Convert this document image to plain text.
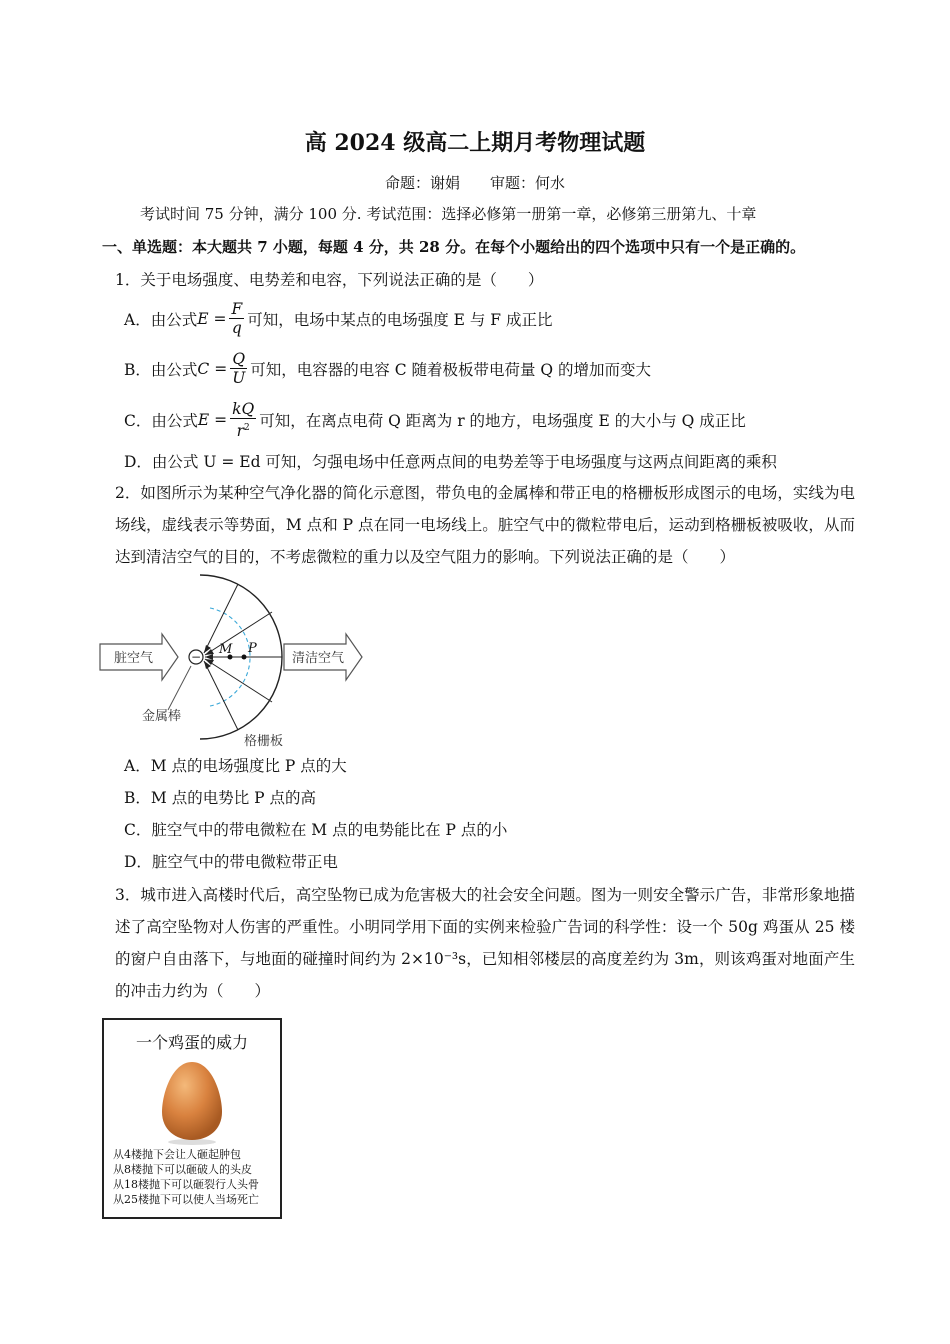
高 2024 级高二上期月考物理试题
命题：谢娟 审题：何水
考试时间 75 分钟，满分 100 分. 考试范围：选择必修第一册第一章，必修第三册第九、十章
一、单选题：本大题共 7 小题，每题 4 分，共 28 分。在每个小题给出的四个选项中只有一个是正确的。
1．关于电场强度、电势差和电容，下列说法正确的是（　　）
A．由公式 $E = \frac{F}{q}$ 可知，电场中某点的电场强度 E 与 F 成正比
B．由公式 $C = \frac{Q}{U}$ 可知，电容器的电容 C 随着极板带电荷量 Q 的增加而变大
C．由公式 $E = \frac{kQ}{r^2}$ 可知，在离点电荷 Q 距离为 r 的地方，电场强度 E 的大小与 Q 成正比
D．由公式 U = Ed 可知，匀强电场中任意两点间的电势差等于电场强度与这两点间距离的乘积
2．如图所示为某种空气净化器的简化示意图，带负电的金属棒和带正电的格栅板形成图示的电场，实线为电场线，虚线表示等势面，M 点和 P 点在同一电场线上。脏空气中的微粒带电后，运动到格栅板被吸收，从而达到清洁空气的目的，不考虑微粒的重力以及空气阻力的影响。下列说法正确的是（　　）
脏空气	清洁空气
−
金属棒
M P
格栅板
A．M 点的电场强度比 P 点的大
B．M 点的电势比 P 点的高
C．脏空气中的带电微粒在 M 点的电势能比在 P 点的小
D．脏空气中的带电微粒带正电
3．城市进入高楼时代后，高空坠物已成为危害极大的社会安全问题。图为一则安全警示广告，非常形象地描述了高空坠物对人伤害的严重性。小明同学用下面的实例来检验广告词的科学性：设一个 50g 鸡蛋从 25 楼的窗户自由落下，与地面的碰撞时间约为 2×10⁻³s，已知相邻楼层的高度差约为 3m，则该鸡蛋对地面产生的冲击力约为（　　）
一个鸡蛋的威力
从4楼抛下会让人砸起肿包
从8楼抛下可以砸破人的头皮
从18楼抛下可以砸裂行人头骨
从25楼抛下可以使人当场死亡
